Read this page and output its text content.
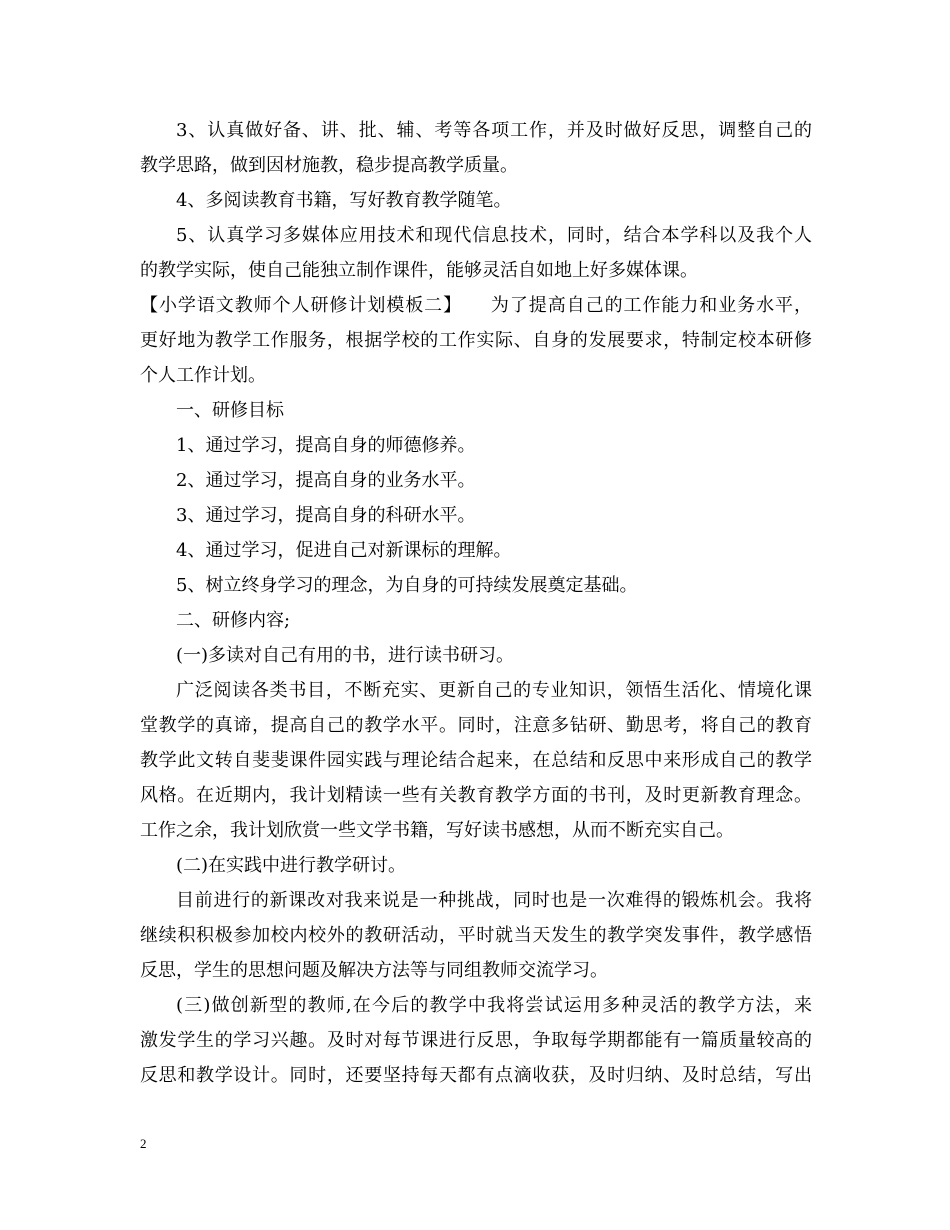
3、认真做好备、讲、批、辅、考等各项工作，并及时做好反思，调整自己的
教学思路，做到因材施教，稳步提高教学质量。
4、多阅读教育书籍，写好教育教学随笔。
5、认真学习多媒体应用技术和现代信息技术，同时，结合本学科以及我个人
的教学实际，使自己能独立制作课件，能够灵活自如地上好多媒体课。
【小学语文教师个人研修计划模板二】　　为了提高自己的工作能力和业务水平，
更好地为教学工作服务，根据学校的工作实际、自身的发展要求，特制定校本研修
个人工作计划。
一、研修目标
1、通过学习，提高自身的师德修养。
2、通过学习，提高自身的业务水平。
3、通过学习，提高自身的科研水平。
4、通过学习，促进自己对新课标的理解。
5、树立终身学习的理念，为自身的可持续发展奠定基础。
二、研修内容;
(一)多读对自己有用的书，进行读书研习。
广泛阅读各类书目，不断充实、更新自己的专业知识，领悟生活化、情境化课
堂教学的真谛，提高自己的教学水平。同时，注意多钻研、勤思考，将自己的教育
教学此文转自斐斐课件园实践与理论结合起来，在总结和反思中来形成自己的教学
风格。在近期内，我计划精读一些有关教育教学方面的书刊，及时更新教育理念。
工作之余，我计划欣赏一些文学书籍，写好读书感想，从而不断充实自己。
(二)在实践中进行教学研讨。
目前进行的新课改对我来说是一种挑战，同时也是一次难得的锻炼机会。我将
继续积积极参加校内校外的教研活动，平时就当天发生的教学突发事件，教学感悟
反思，学生的思想问题及解决方法等与同组教师交流学习。
(三)做创新型的教师,在今后的教学中我将尝试运用多种灵活的教学方法，来
激发学生的学习兴趣。及时对每节课进行反思，争取每学期都能有一篇质量较高的
反思和教学设计。同时，还要坚持每天都有点滴收获，及时归纳、及时总结，写出
2
